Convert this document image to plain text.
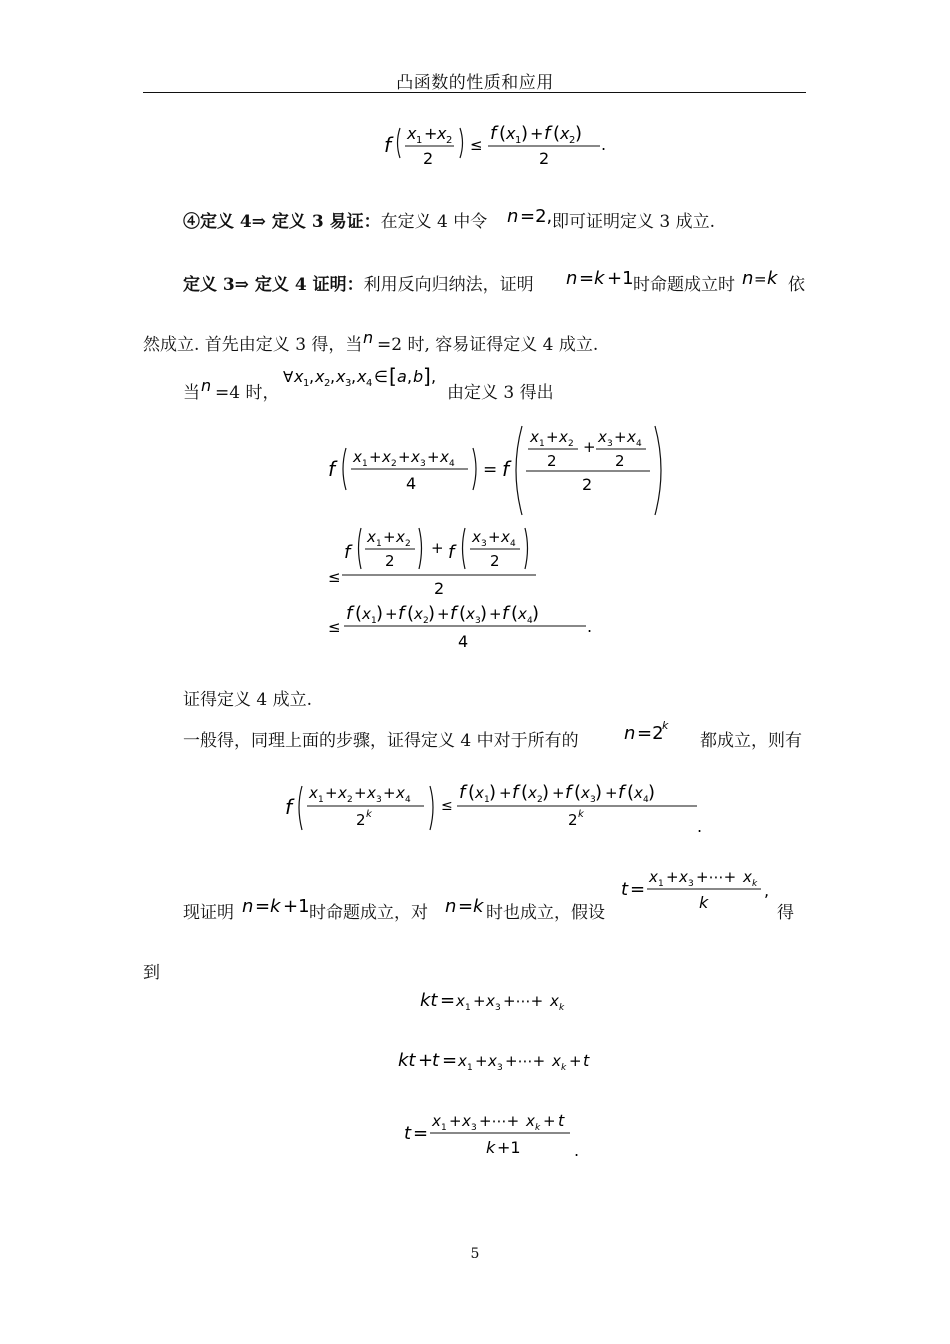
凸函数的性质和应用
f x 1 + x 2
2
≤
f ( x 1 ) + f ( x 2 )
2
.
④定义 4⇒ 定义 3 易证：在定义 4 中令 n =2, 即可证明定义 3 成立.
定义 3⇒ 定义 4 证明：利用反向归纳法，证明 n = k +1 时命题成立时 n = k 依
然成立. 首先由定义 3 得，当 n =2 时, 容易证得定义 4 成立.
当 n =4 时，
∀ x 1 , x 2 , x 3 , x 4 ∈ [ a , b ] ,
由定义 3 得出
f x 1 + x 2 + x 3 + x 4
4
= f
x 1 + x 2
2
+
x 3 + x 4
2
2
≤
f
x 1 + x 2
2
+ f
x 3 + x 4
2
2
≤
f ( x 1 ) + f ( x 2 ) + f ( x 3 ) + f ( x 4 )
4
.
证得定义 4 成立.
一般得，同理上面的步骤，证得定义 4 中对于所有的	n =2
k
都成立，则有
f
x 1 + x 2 + x 3 + x 4
2 k
≤
f ( x 1 ) + f ( x 2 ) + f ( x 3 ) + f ( x 4 )
2 k
.
现证明 n = k +1 时命题成立，对 n = k 时也成立，假设
t =
x 1 + x 3 +⋯+ x k
k
,
得
到
kt = x 1 + x 3 +⋯+ x k
kt +
t = x 1 + x 3 +⋯+ x k + t
t =
x 1 + x 3 +⋯+ x k + t
k +1	.
5
